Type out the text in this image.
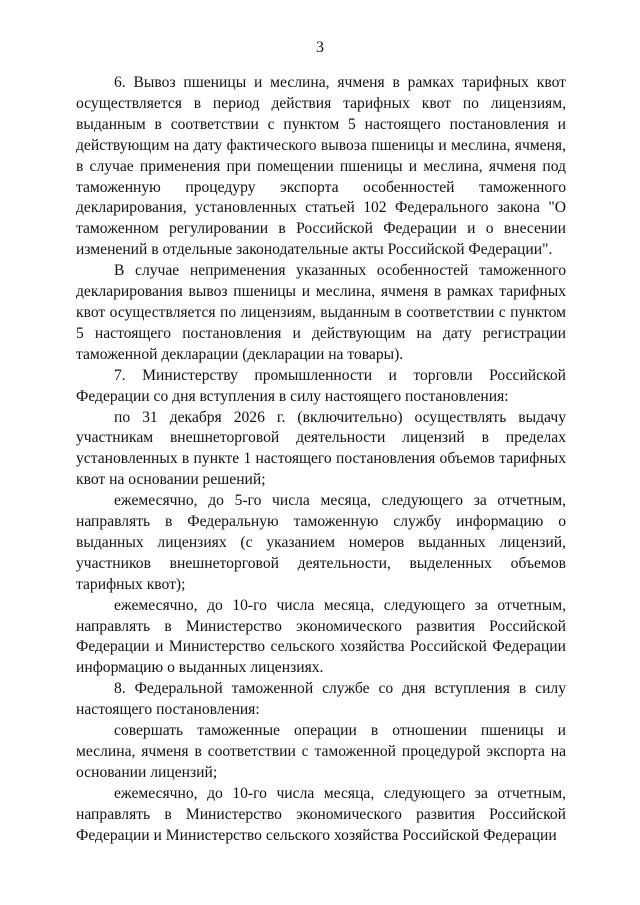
3

6. Вывоз пшеницы и меслина, ячменя в рамках тарифных квот осуществляется в период действия тарифных квот по лицензиям, выданным в соответствии с пунктом 5 настоящего постановления и действующим на дату фактического вывоза пшеницы и меслина, ячменя, в случае применения при помещении пшеницы и меслина, ячменя под таможенную процедуру экспорта особенностей таможенного декларирования, установленных статьей 102 Федерального закона "О таможенном регулировании в Российской Федерации и о внесении изменений в отдельные законодательные акты Российской Федерации".

В случае неприменения указанных особенностей таможенного декларирования вывоз пшеницы и меслина, ячменя в рамках тарифных квот осуществляется по лицензиям, выданным в соответствии с пунктом 5 настоящего постановления и действующим на дату регистрации таможенной декларации (декларации на товары).

7. Министерству промышленности и торговли Российской Федерации со дня вступления в силу настоящего постановления:

по 31 декабря 2026 г. (включительно) осуществлять выдачу участникам внешнеторговой деятельности лицензий в пределах установленных в пункте 1 настоящего постановления объемов тарифных квот на основании решений;

ежемесячно, до 5-го числа месяца, следующего за отчетным, направлять в Федеральную таможенную службу информацию о выданных лицензиях (с указанием номеров выданных лицензий, участников внешнеторговой деятельности, выделенных объемов тарифных квот);

ежемесячно, до 10-го числа месяца, следующего за отчетным, направлять в Министерство экономического развития Российской Федерации и Министерство сельского хозяйства Российской Федерации информацию о выданных лицензиях.

8. Федеральной таможенной службе со дня вступления в силу настоящего постановления:

совершать таможенные операции в отношении пшеницы и меслина, ячменя в соответствии с таможенной процедурой экспорта на основании лицензий;

ежемесячно, до 10-го числа месяца, следующего за отчетным, направлять в Министерство экономического развития Российской Федерации и Министерство сельского хозяйства Российской Федерации
